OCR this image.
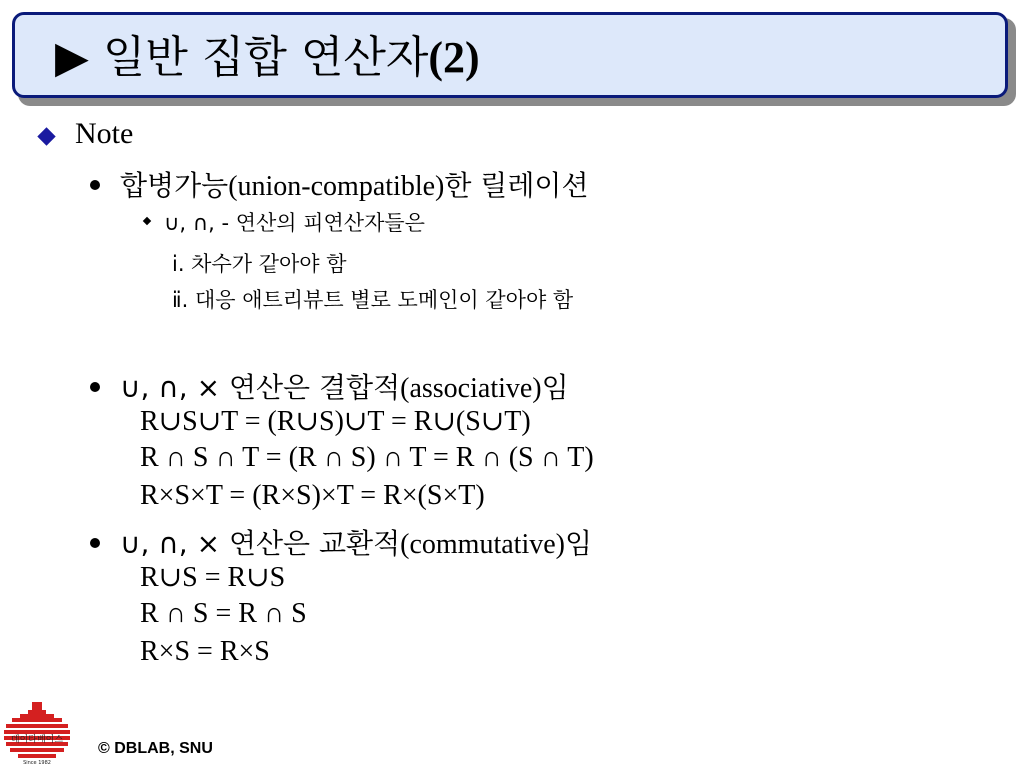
▶ 일반 집합 연산자(2)
Note
합병가능(union-compatible)한 릴레이션
∪, ∩, - 연산의 피연산자들은
ⅰ. 차수가 같아야 함
ⅱ. 대응 애트리뷰트 별로 도메인이 같아야 함
∪, ∩, × 연산은 결합적(associative)임
R∪S∪T = (R∪S)∪T = R∪(S∪T)
R ∩ S ∩ T = (R ∩ S) ∩ T = R ∩ (S ∩ T)
R×S×T = (R×S)×T = R×(S×T)
∪, ∩, × 연산은 교환적(commutative)임
R∪S = R∪S
R ∩ S = R ∩ S
R×S = R×S
데이타베이스
Since 1982
© DBLAB, SNU
